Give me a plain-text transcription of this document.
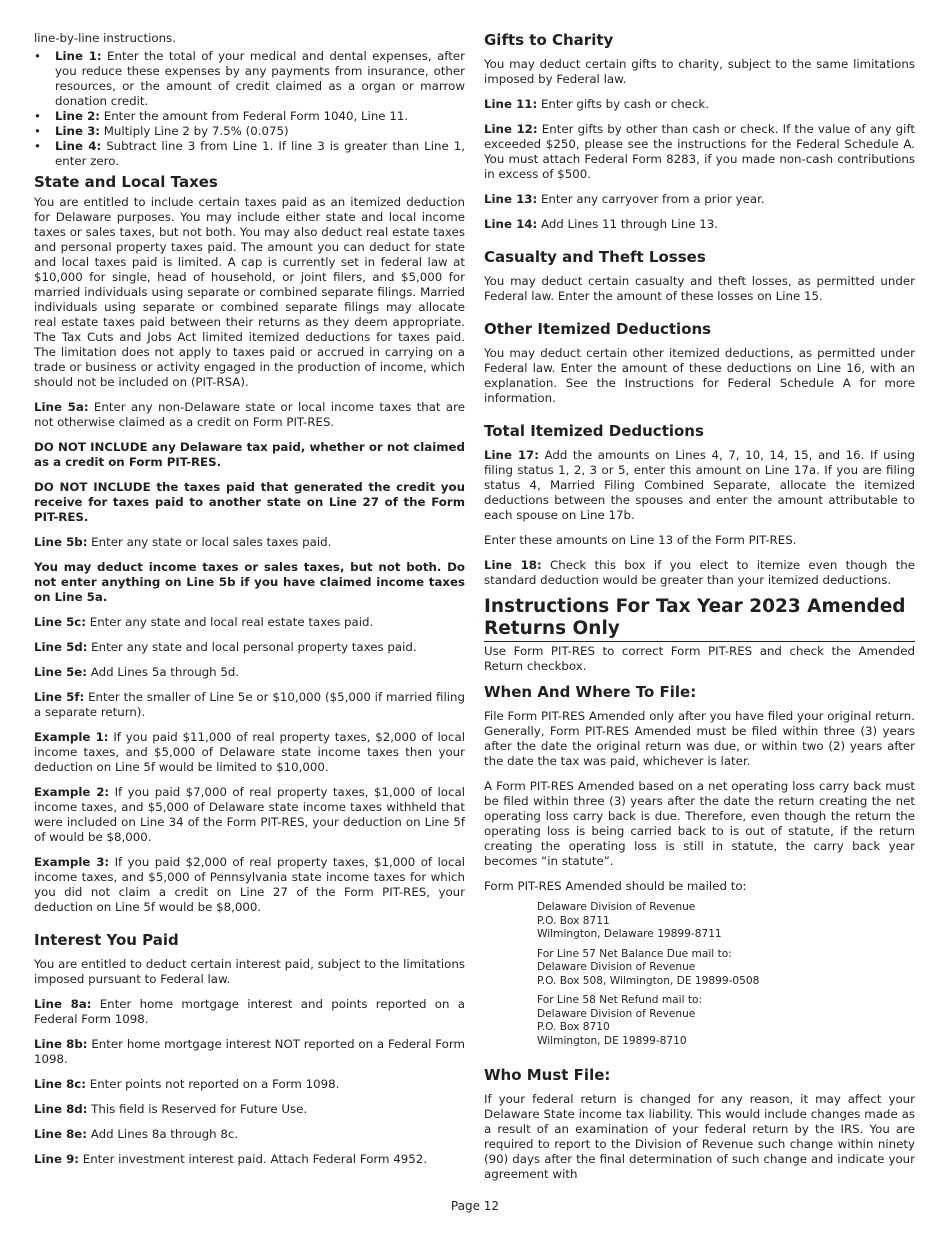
line-by-line instructions.

• Line 1: Enter the total of your medical and dental expenses, after you reduce these expenses by any payments from insurance, other resources, or the amount of credit claimed as a organ or marrow donation credit.
• Line 2: Enter the amount from Federal Form 1040, Line 11.
• Line 3: Multiply Line 2 by 7.5% (0.075)
• Line 4: Subtract line 3 from Line 1. If line 3 is greater than Line 1, enter zero.
State and Local Taxes

You are entitled to include certain taxes paid as an itemized deduction for Delaware purposes. You may include either state and local income taxes or sales taxes, but not both. You may also deduct real estate taxes and personal property taxes paid. The amount you can deduct for state and local taxes paid is limited. A cap is currently set in federal law at $10,000 for single, head of household, or joint filers, and $5,000 for married individuals using separate or combined separate filings. Married individuals using separate or combined separate filings may allocate real estate taxes paid between their returns as they deem appropriate. The Tax Cuts and Jobs Act limited itemized deductions for taxes paid. The limitation does not apply to taxes paid or accrued in carrying on a trade or business or activity engaged in the production of income, which should not be included on (PIT-RSA).

Line 5a: Enter any non-Delaware state or local income taxes that are not otherwise claimed as a credit on Form PIT-RES.

DO NOT INCLUDE any Delaware tax paid, whether or not claimed as a credit on Form PIT-RES.

DO NOT INCLUDE the taxes paid that generated the credit you receive for taxes paid to another state on Line 27 of the Form PIT-RES.

Line 5b: Enter any state or local sales taxes paid.

You may deduct income taxes or sales taxes, but not both. Do not enter anything on Line 5b if you have claimed income taxes on Line 5a.

Line 5c: Enter any state and local real estate taxes paid.

Line 5d: Enter any state and local personal property taxes paid.

Line 5e: Add Lines 5a through 5d.

Line 5f: Enter the smaller of Line 5e or $10,000 ($5,000 if married filing a separate return).

Example 1: If you paid $11,000 of real property taxes, $2,000 of local income taxes, and $5,000 of Delaware state income taxes then your deduction on Line 5f would be limited to $10,000.

Example 2: If you paid $7,000 of real property taxes, $1,000 of local income taxes, and $5,000 of Delaware state income taxes withheld that were included on Line 34 of the Form PIT-RES, your deduction on Line 5f of would be $8,000.

Example 3: If you paid $2,000 of real property taxes, $1,000 of local income taxes, and $5,000 of Pennsylvania state income taxes for which you did not claim a credit on Line 27 of the Form PIT-RES, your deduction on Line 5f would be $8,000.

Interest You Paid

You are entitled to deduct certain interest paid, subject to the limitations imposed pursuant to Federal law.

Line 8a: Enter home mortgage interest and points reported on a Federal Form 1098.

Line 8b: Enter home mortgage interest NOT reported on a Federal Form 1098.

Line 8c: Enter points not reported on a Form 1098.

Line 8d: This field is Reserved for Future Use.

Line 8e: Add Lines 8a through 8c.

Line 9: Enter investment interest paid. Attach Federal Form 4952.

Gifts to Charity

You may deduct certain gifts to charity, subject to the same limitations imposed by Federal law.

Line 11: Enter gifts by cash or check.

Line 12: Enter gifts by other than cash or check. If the value of any gift exceeded $250, please see the instructions for the Federal Schedule A. You must attach Federal Form 8283, if you made non-cash contributions in excess of $500.

Line 13: Enter any carryover from a prior year.

Line 14: Add Lines 11 through Line 13.

Casualty and Theft Losses

You may deduct certain casualty and theft losses, as permitted under Federal law. Enter the amount of these losses on Line 15.

Other Itemized Deductions

You may deduct certain other itemized deductions, as permitted under Federal law. Enter the amount of these deductions on Line 16, with an explanation. See the Instructions for Federal Schedule A for more information.

Total Itemized Deductions

Line 17: Add the amounts on Lines 4, 7, 10, 14, 15, and 16. If using filing status 1, 2, 3 or 5, enter this amount on Line 17a. If you are filing status 4, Married Filing Combined Separate, allocate the itemized deductions between the spouses and enter the amount attributable to each spouse on Line 17b.

Enter these amounts on Line 13 of the Form PIT-RES.

Line 18: Check this box if you elect to itemize even though the standard deduction would be greater than your itemized deductions.

Instructions For Tax Year 2023 Amended Returns Only

Use Form PIT-RES to correct Form PIT-RES and check the Amended Return checkbox.

When And Where To File:

File Form PIT-RES Amended only after you have filed your original return. Generally, Form PIT-RES Amended must be filed within three (3) years after the date the original return was due, or within two (2) years after the date the tax was paid, whichever is later.

A Form PIT-RES Amended based on a net operating loss carry back must be filed within three (3) years after the date the return creating the net operating loss carry back is due. Therefore, even though the return the operating loss is being carried back to is out of statute, if the return creating the operating loss is still in statute, the carry back year becomes “in statute”.

Form PIT-RES Amended should be mailed to:

Delaware Division of Revenue
P.O. Box 8711
Wilmington, Delaware 19899-8711
For Line 57 Net Balance Due mail to:
Delaware Division of Revenue
P.O. Box 508, Wilmington, DE 19899-0508
For Line 58 Net Refund mail to:
Delaware Division of Revenue
P.O. Box 8710
Wilmington, DE 19899-8710
Who Must File:

If your federal return is changed for any reason, it may affect your Delaware State income tax liability. This would include changes made as a result of an examination of your federal return by the IRS. You are required to report to the Division of Revenue such change within ninety (90) days after the final determination of such change and indicate your agreement with

Page 12
